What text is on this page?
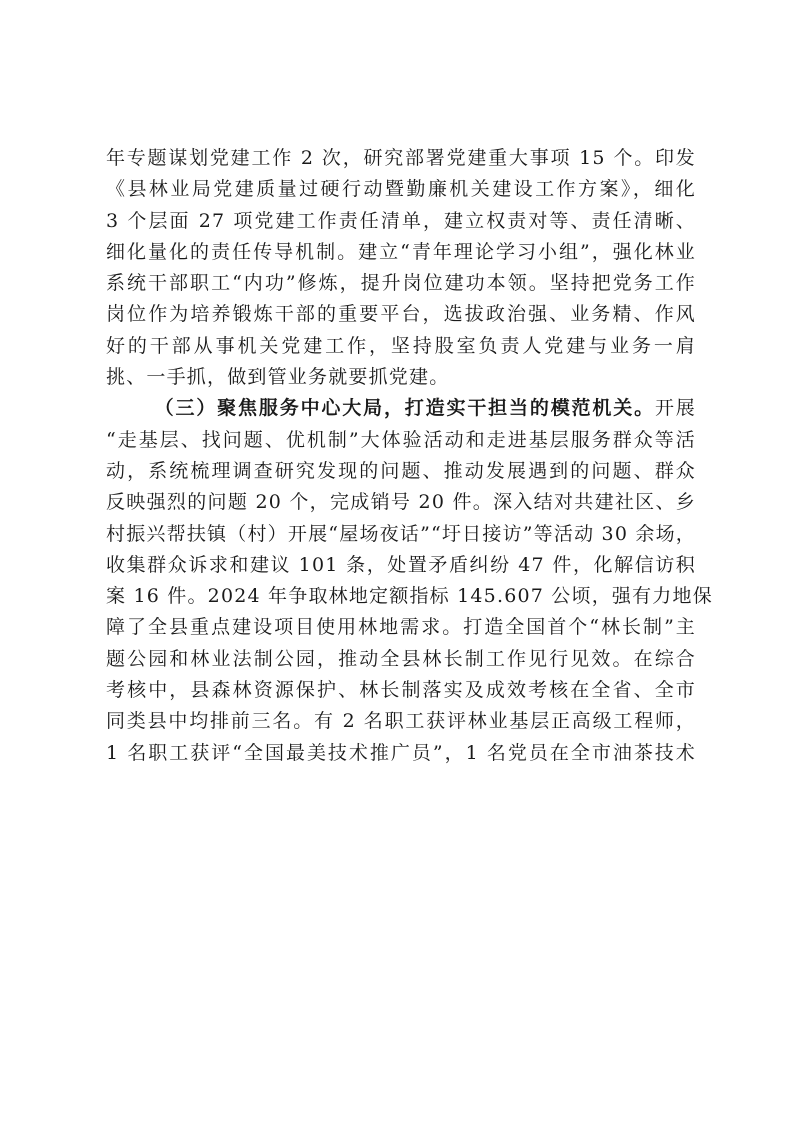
年专题谋划党建工作 2 次，研究部署党建重大事项 15 个。印发
《县林业局党建质量过硬行动暨勤廉机关建设工作方案》，细化
3 个层面 27 项党建工作责任清单，建立权责对等、责任清晰、
细化量化的责任传导机制。建立“青年理论学习小组”，强化林业
系统干部职工“内功”修炼，提升岗位建功本领。坚持把党务工作
岗位作为培养锻炼干部的重要平台，选拔政治强、业务精、作风
好的干部从事机关党建工作，坚持股室负责人党建与业务一肩
挑、一手抓，做到管业务就要抓党建。
（三）聚焦服务中心大局，打造实干担当的模范机关。开展
“走基层、找问题、优机制”大体验活动和走进基层服务群众等活
动，系统梳理调查研究发现的问题、推动发展遇到的问题、群众
反映强烈的问题 20 个，完成销号 20 件。深入结对共建社区、乡
村振兴帮扶镇（村）开展“屋场夜话”“圩日接访”等活动 30 余场，
收集群众诉求和建议 101 条，处置矛盾纠纷 47 件，化解信访积
案 16 件。2024 年争取林地定额指标 145.607 公顷，强有力地保
障了全县重点建设项目使用林地需求。打造全国首个“林长制”主
题公园和林业法制公园，推动全县林长制工作见行见效。在综合
考核中，县森林资源保护、林长制落实及成效考核在全省、全市
同类县中均排前三名。有 2 名职工获评林业基层正高级工程师，
1 名职工获评“全国最美技术推广员”，1 名党员在全市油茶技术
